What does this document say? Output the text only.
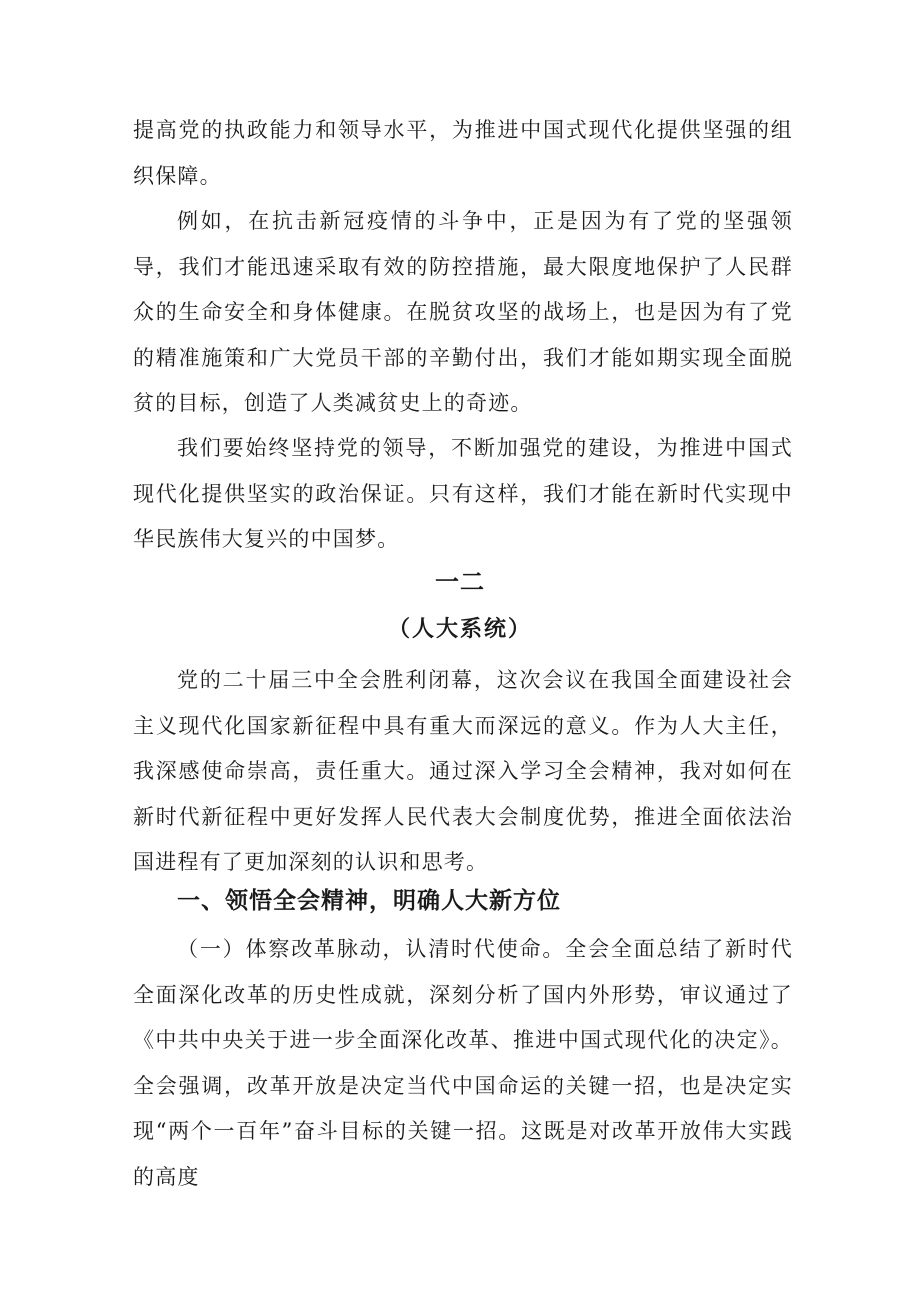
提高党的执政能力和领导水平，为推进中国式现代化提供坚强的组织保障。

例如，在抗击新冠疫情的斗争中，正是因为有了党的坚强领导，我们才能迅速采取有效的防控措施，最大限度地保护了人民群众的生命安全和身体健康。在脱贫攻坚的战场上，也是因为有了党的精准施策和广大党员干部的辛勤付出，我们才能如期实现全面脱贫的目标，创造了人类减贫史上的奇迹。

我们要始终坚持党的领导，不断加强党的建设，为推进中国式现代化提供坚实的政治保证。只有这样，我们才能在新时代实现中华民族伟大复兴的中国梦。

一二
（人大系统）

党的二十届三中全会胜利闭幕，这次会议在我国全面建设社会主义现代化国家新征程中具有重大而深远的意义。作为人大主任，我深感使命崇高，责任重大。通过深入学习全会精神，我对如何在新时代新征程中更好发挥人民代表大会制度优势，推进全面依法治国进程有了更加深刻的认识和思考。

一、领悟全会精神，明确人大新方位

（一）体察改革脉动，认清时代使命。全会全面总结了新时代全面深化改革的历史性成就，深刻分析了国内外形势，审议通过了《中共中央关于进一步全面深化改革、推进中国式现代化的决定》。全会强调，改革开放是决定当代中国命运的关键一招，也是决定实现“两个一百年”奋斗目标的关键一招。这既是对改革开放伟大实践的高度
